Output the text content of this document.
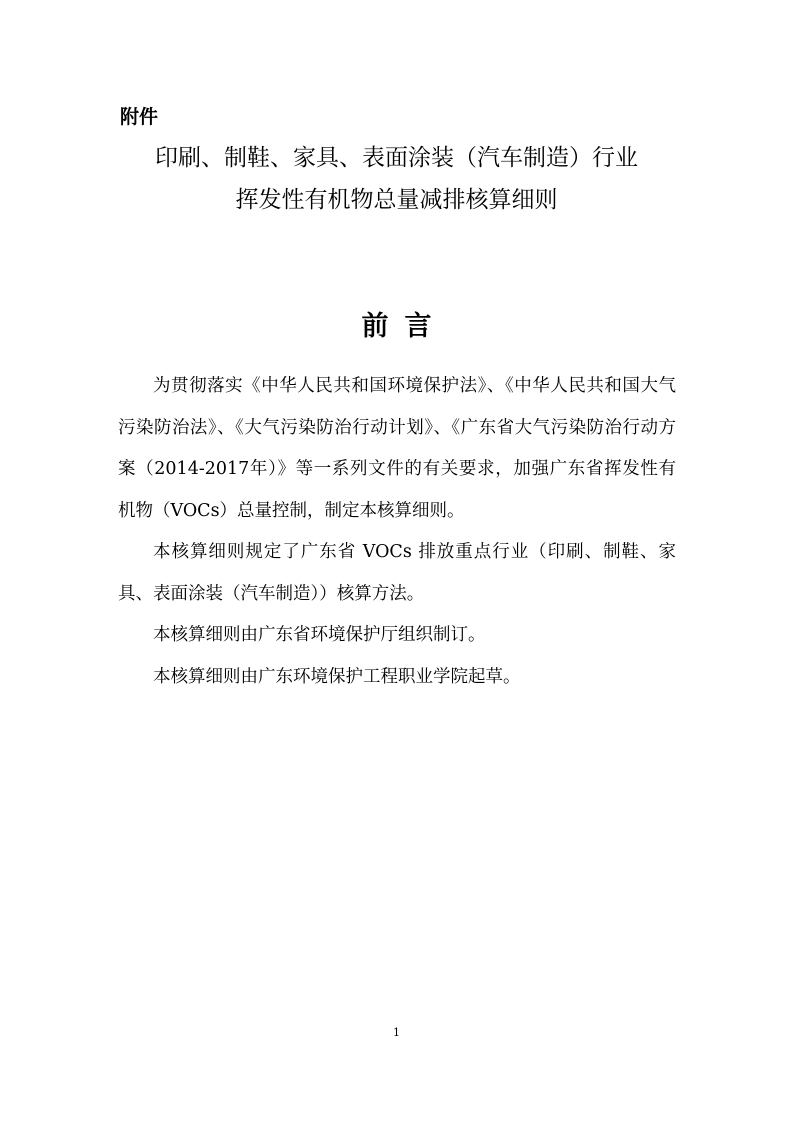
附件
印刷、制鞋、家具、表面涂装（汽车制造）行业
挥发性有机物总量减排核算细则
前言

为贯彻落实《中华人民共和国环境保护法》、《中华人民共和国大气污染防治法》、《大气污染防治行动计划》、《广东省大气污染防治行动方案（2014-2017年）》等一系列文件的有关要求，加强广东省挥发性有机物（VOCs）总量控制，制定本核算细则。

本核算细则规定了广东省 VOCs 排放重点行业（印刷、制鞋、家具、表面涂装（汽车制造））核算方法。

本核算细则由广东省环境保护厅组织制订。

本核算细则由广东环境保护工程职业学院起草。

1
